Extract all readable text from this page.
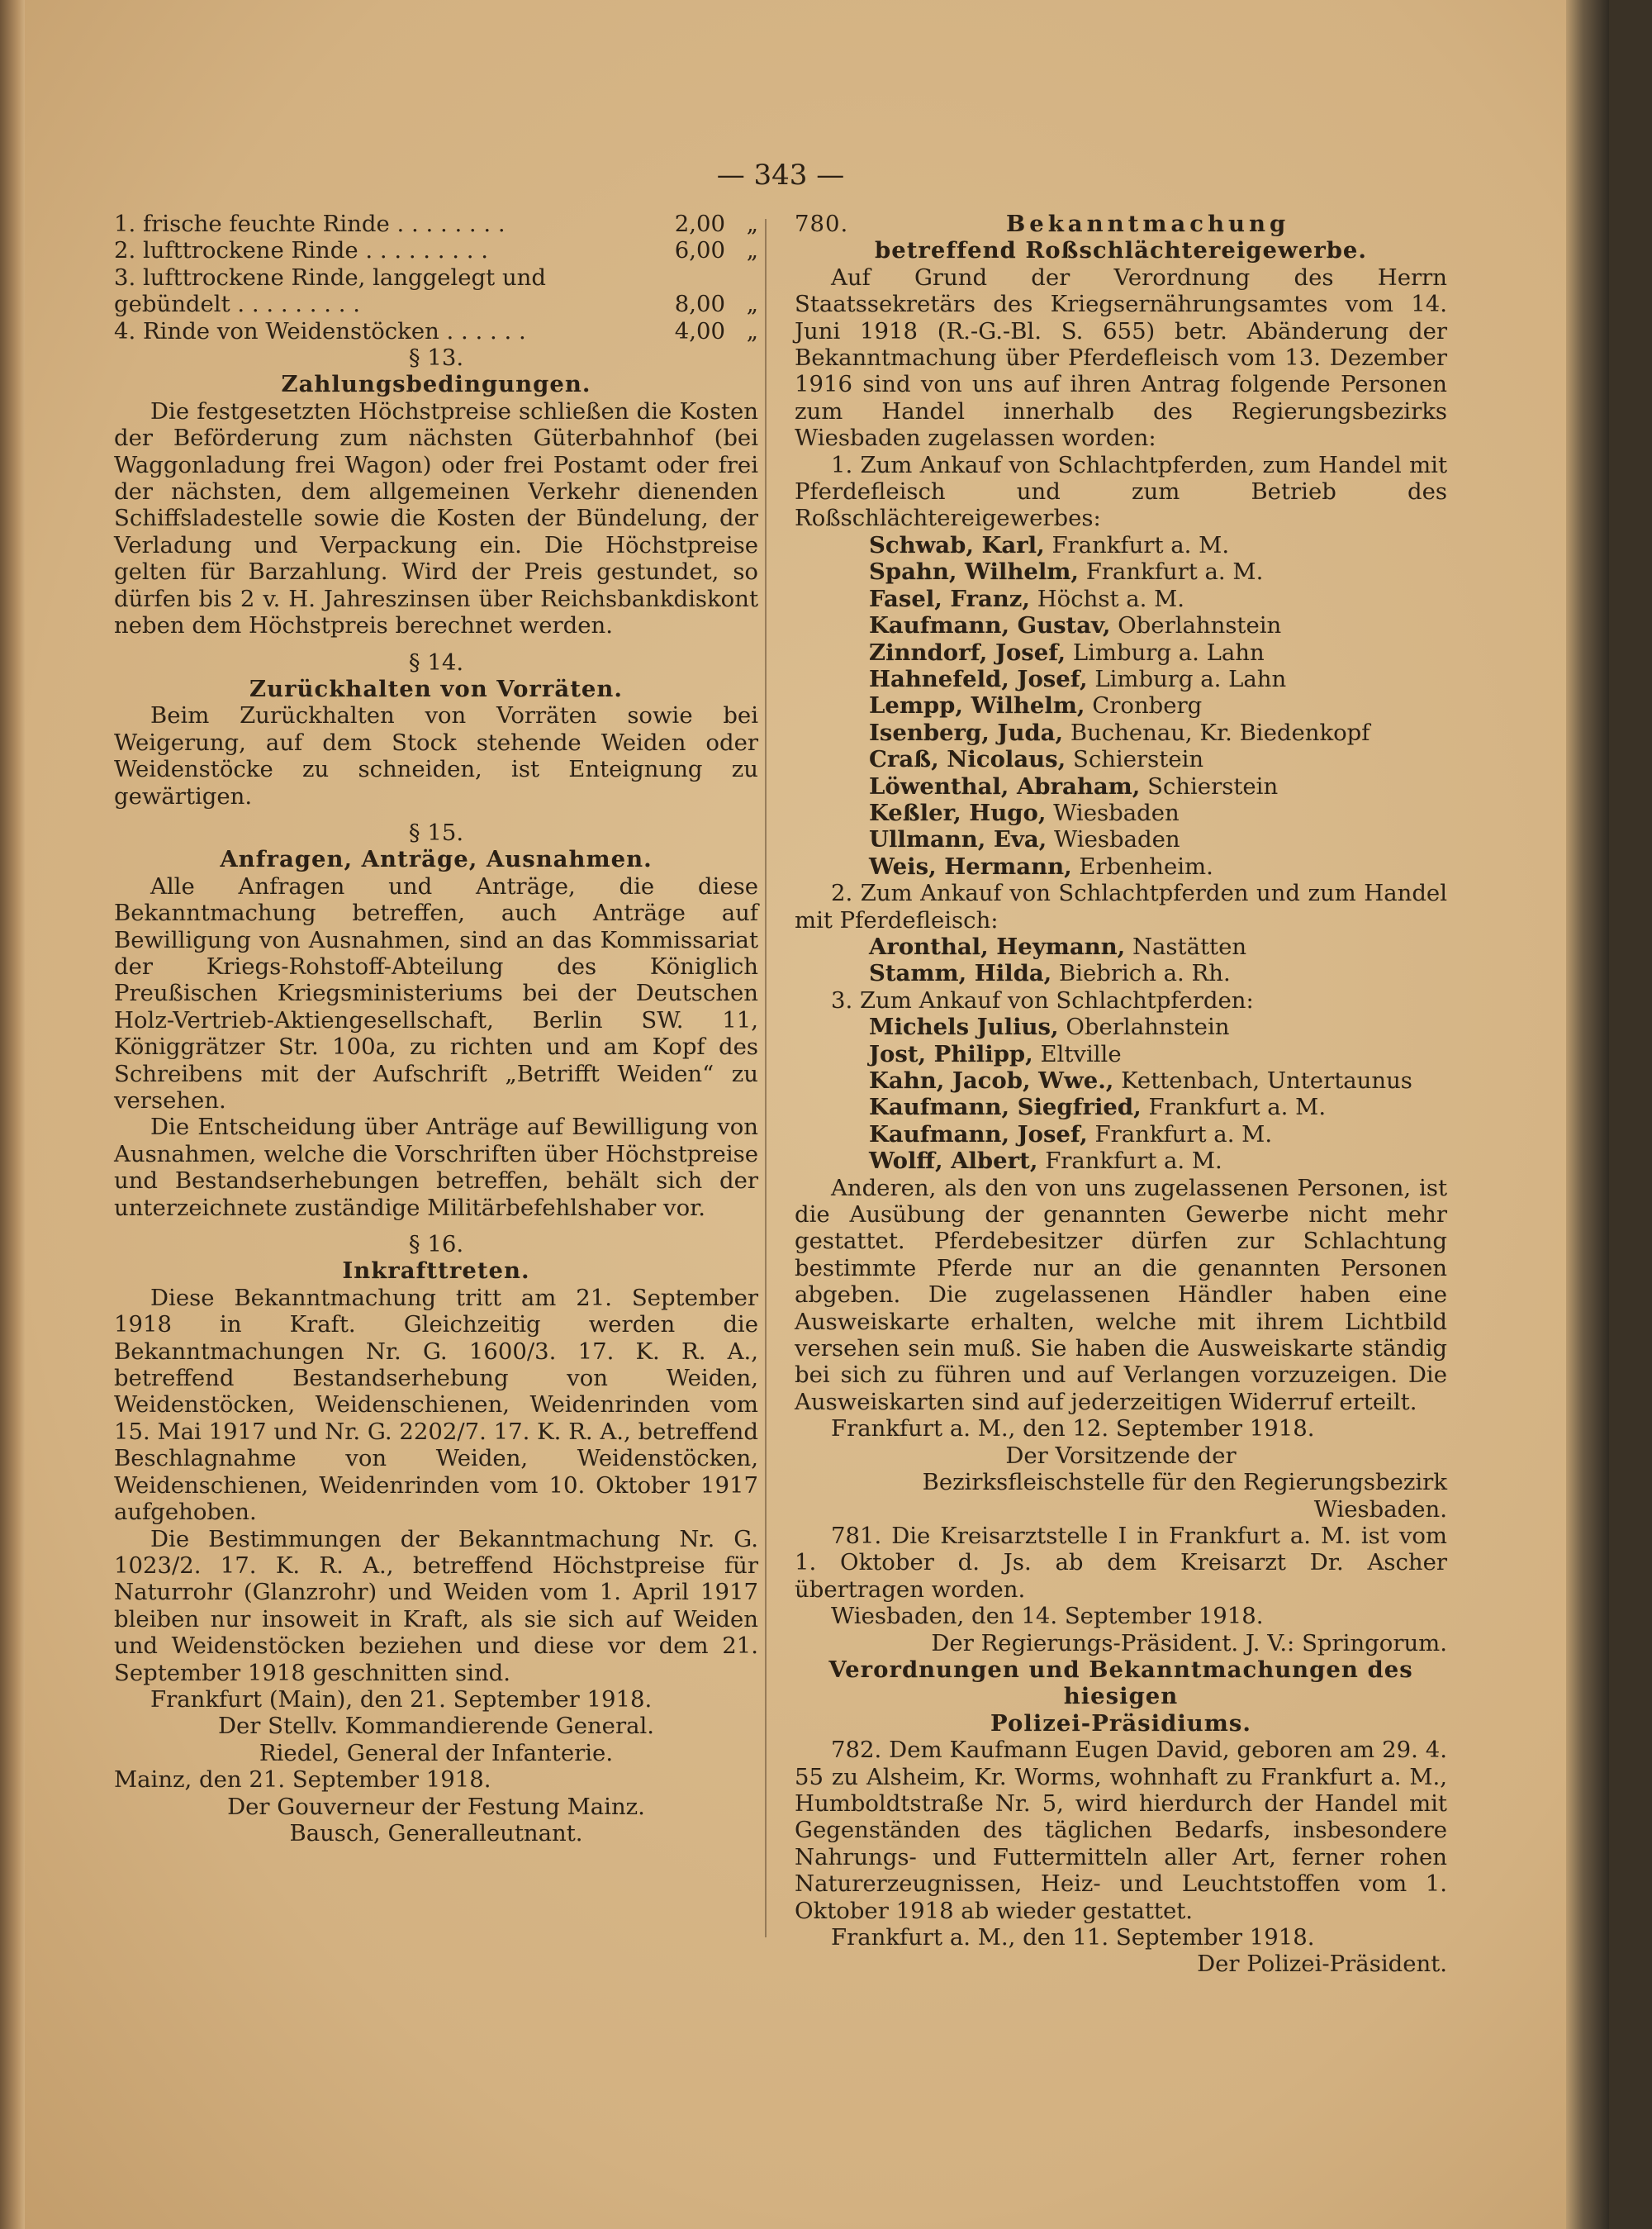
— 343 —
1. frische feuchte Rinde . . . . . . . .	2,00	„
2. lufttrockene Rinde . . . . . . . . .	6,00	„
3. lufttrockene Rinde, langgelegt und gebündelt . . . . . . . . .	8,00	„
4. Rinde von Weidenstöcken . . . . . .	4,00	„

§ 13.

Zahlungsbedingungen.

Die festgesetzten Höchstpreise schließen die Kosten der Beförderung zum nächsten Güterbahnhof (bei Waggonladung frei Wagon) oder frei Postamt oder frei der nächsten, dem allgemeinen Verkehr dienenden Schiffsladestelle sowie die Kosten der Bündelung, der Verladung und Verpackung ein. Die Höchstpreise gelten für Barzahlung. Wird der Preis gestundet, so dürfen bis 2 v. H. Jahreszinsen über Reichsbankdiskont neben dem Höchstpreis berechnet werden.

§ 14.

Zurückhalten von Vorräten.

Beim Zurückhalten von Vorräten sowie bei Weigerung, auf dem Stock stehende Weiden oder Weidenstöcke zu schneiden, ist Enteignung zu gewärtigen.

§ 15.

Anfragen, Anträge, Ausnahmen.

Alle Anfragen und Anträge, die diese Bekanntmachung betreffen, auch Anträge auf Bewilligung von Ausnahmen, sind an das Kommissariat der Kriegs-Rohstoff-Abteilung des Königlich Preußischen Kriegsministeriums bei der Deutschen Holz-Vertrieb-Aktiengesellschaft, Berlin SW. 11, Königgrätzer Str. 100a, zu richten und am Kopf des Schreibens mit der Aufschrift „Betrifft Weiden“ zu versehen.

Die Entscheidung über Anträge auf Bewilligung von Ausnahmen, welche die Vorschriften über Höchstpreise und Bestandserhebungen betreffen, behält sich der unterzeichnete zuständige Militärbefehlshaber vor.

§ 16.

Inkrafttreten.

Diese Bekanntmachung tritt am 21. September 1918 in Kraft. Gleichzeitig werden die Bekanntmachungen Nr. G. 1600/3. 17. K. R. A., betreffend Bestandserhebung von Weiden, Weidenstöcken, Weidenschienen, Weidenrinden vom 15. Mai 1917 und Nr. G. 2202/7. 17. K. R. A., betreffend Beschlagnahme von Weiden, Weidenstöcken, Weidenschienen, Weidenrinden vom 10. Oktober 1917 aufgehoben.

Die Bestimmungen der Bekanntmachung Nr. G. 1023/2. 17. K. R. A., betreffend Höchstpreise für Naturrohr (Glanzrohr) und Weiden vom 1. April 1917 bleiben nur insoweit in Kraft, als sie sich auf Weiden und Weidenstöcken beziehen und diese vor dem 21. September 1918 geschnitten sind.

Frankfurt (Main), den 21. September 1918.

Der Stellv. Kommandierende General.

Riedel, General der Infanterie.

Mainz, den 21. September 1918.

Der Gouverneur der Festung Mainz.

Bausch, Generalleutnant.

780.	Bekanntmachung

betreffend Roßschlächtereigewerbe.

Auf Grund der Verordnung des Herrn Staatssekretärs des Kriegsernährungsamtes vom 14. Juni 1918 (R.-G.-Bl. S. 655) betr. Abänderung der Bekanntmachung über Pferdefleisch vom 13. Dezember 1916 sind von uns auf ihren Antrag folgende Personen zum Handel innerhalb des Regierungsbezirks Wiesbaden zugelassen worden:

1. Zum Ankauf von Schlachtpferden, zum Handel mit Pferdefleisch und zum Betrieb des Roßschlächtereigewerbes:

Schwab, Karl, Frankfurt a. M.

Spahn, Wilhelm, Frankfurt a. M.

Fasel, Franz, Höchst a. M.

Kaufmann, Gustav, Oberlahnstein

Zinndorf, Josef, Limburg a. Lahn

Hahnefeld, Josef, Limburg a. Lahn

Lempp, Wilhelm, Cronberg

Isenberg, Juda, Buchenau, Kr. Biedenkopf

Craß, Nicolaus, Schierstein

Löwenthal, Abraham, Schierstein

Keßler, Hugo, Wiesbaden

Ullmann, Eva, Wiesbaden

Weis, Hermann, Erbenheim.

2. Zum Ankauf von Schlachtpferden und zum Handel mit Pferdefleisch:

Aronthal, Heymann, Nastätten

Stamm, Hilda, Biebrich a. Rh.

3. Zum Ankauf von Schlachtpferden:

Michels Julius, Oberlahnstein

Jost, Philipp, Eltville

Kahn, Jacob, Wwe., Kettenbach, Untertaunus

Kaufmann, Siegfried, Frankfurt a. M.

Kaufmann, Josef, Frankfurt a. M.

Wolff, Albert, Frankfurt a. M.

Anderen, als den von uns zugelassenen Personen, ist die Ausübung der genannten Gewerbe nicht mehr gestattet. Pferdebesitzer dürfen zur Schlachtung bestimmte Pferde nur an die genannten Personen abgeben. Die zugelassenen Händler haben eine Ausweiskarte erhalten, welche mit ihrem Lichtbild versehen sein muß. Sie haben die Ausweiskarte ständig bei sich zu führen und auf Verlangen vorzuzeigen. Die Ausweiskarten sind auf jederzeitigen Widerruf erteilt.

Frankfurt a. M., den 12. September 1918.

Der Vorsitzende der

Bezirksfleischstelle für den Regierungsbezirk Wiesbaden.

781. Die Kreisarztstelle I in Frankfurt a. M. ist vom 1. Oktober d. Js. ab dem Kreisarzt Dr. Ascher übertragen worden.

Wiesbaden, den 14. September 1918.

Der Regierungs-Präsident. J. V.: Springorum.

Verordnungen und Bekanntmachungen des hiesigen

Polizei-Präsidiums.

782. Dem Kaufmann Eugen David, geboren am 29. 4. 55 zu Alsheim, Kr. Worms, wohnhaft zu Frankfurt a. M., Humboldtstraße Nr. 5, wird hierdurch der Handel mit Gegenständen des täglichen Bedarfs, insbesondere Nahrungs- und Futtermitteln aller Art, ferner rohen Naturerzeugnissen, Heiz- und Leuchtstoffen vom 1. Oktober 1918 ab wieder gestattet.

Frankfurt a. M., den 11. September 1918.

Der Polizei-Präsident.
